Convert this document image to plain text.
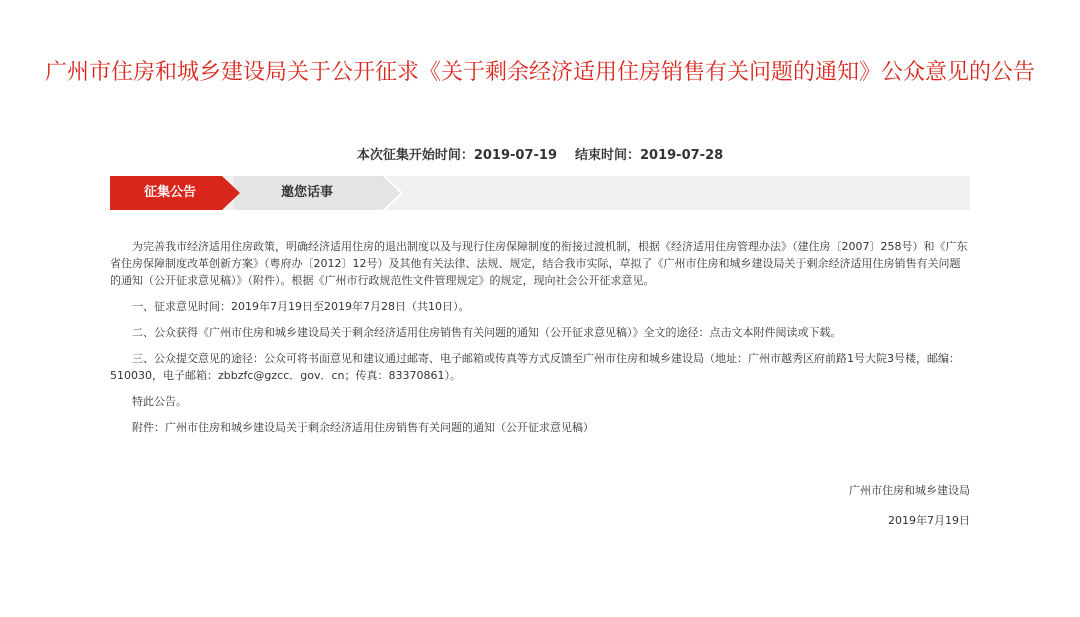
广州市住房和城乡建设局关于公开征求《关于剩余经济适用住房销售有关问题的通知》公众意见的公告
本次征集开始时间：2019-07-19 结束时间：2019-07-28
邀您话事
征集公告

为完善我市经济适用住房政策，明确经济适用住房的退出制度以及与现行住房保障制度的衔接过渡机制，根据《经济适用住房管理办法》（建住房〔2007〕258号）和《广东省住房保障制度改革创新方案》（粤府办〔2012〕12号）及其他有关法律、法规、规定，结合我市实际，草拟了《广州市住房和城乡建设局关于剩余经济适用住房销售有关问题的通知（公开征求意见稿）》（附件）。根据《广州市行政规范性文件管理规定》的规定，现向社会公开征求意见。

一、征求意见时间：2019年7月19日至2019年7月28日（共10日）。

二、公众获得《广州市住房和城乡建设局关于剩余经济适用住房销售有关问题的通知（公开征求意见稿）》全文的途径：点击文本附件阅读或下载。

三、公众提交意见的途径：公众可将书面意见和建议通过邮寄、电子邮箱或传真等方式反馈至广州市住房和城乡建设局（地址：广州市越秀区府前路1号大院3号楼，邮编：510030，电子邮箱：zbbzfc@gzcc．gov．cn；传真：83370861）。

特此公告。

附件：广州市住房和城乡建设局关于剩余经济适用住房销售有关问题的通知（公开征求意见稿）

广州市住房和城乡建设局
2019年7月19日
